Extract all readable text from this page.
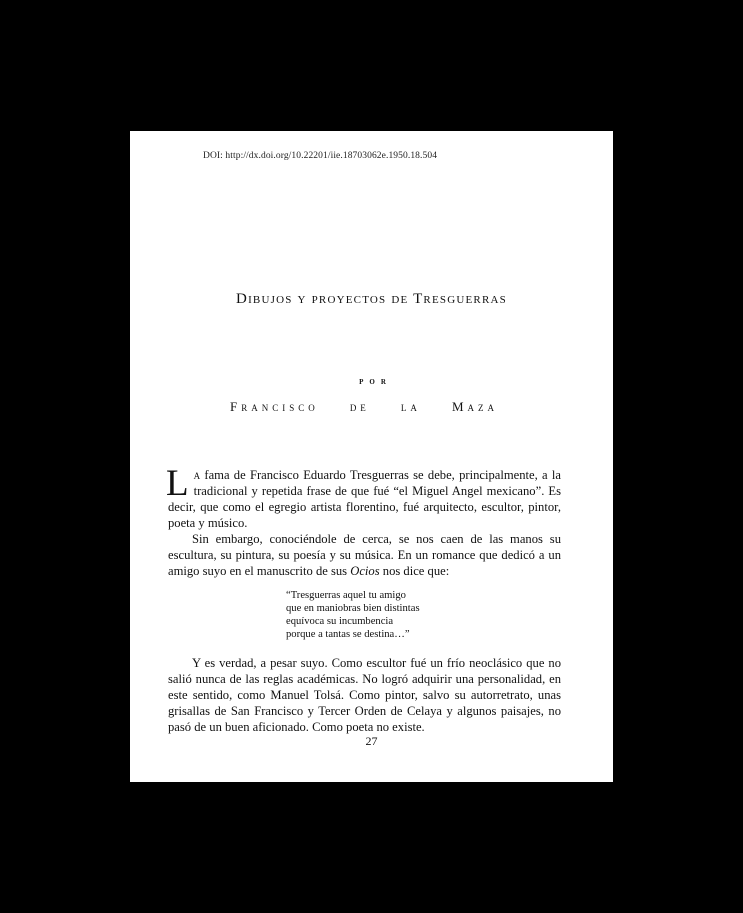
DOI: http://dx.doi.org/10.22201/iie.18703062e.1950.18.504
Dibujos y proyectos de Tresguerras
por
Francisco de la Maza

La fama de Francisco Eduardo Tresguerras se debe, principalmente, a la tradicional y repetida frase de que fué “el Miguel Angel mexicano”. Es decir, que como el egregio artista florentino, fué arquitecto, escultor, pintor, poeta y músico.

Sin embargo, conociéndole de cerca, se nos caen de las manos su escultura, su pintura, su poesía y su música. En un romance que dedicó a un amigo suyo en el manuscrito de sus Ocios nos dice que:

“Tresguerras aquel tu amigo
que en maniobras bien distintas
equívoca su incumbencia
porque a tantas se destina…”

Y es verdad, a pesar suyo. Como escultor fué un frío neoclásico que no salió nunca de las reglas académicas. No logró adquirir una personalidad, en este sentido, como Manuel Tolsá. Como pintor, salvo su autorretrato, unas grisallas de San Francisco y Tercer Orden de Celaya y algunos paisajes, no pasó de un buen aficionado. Como poeta no existe.

27
